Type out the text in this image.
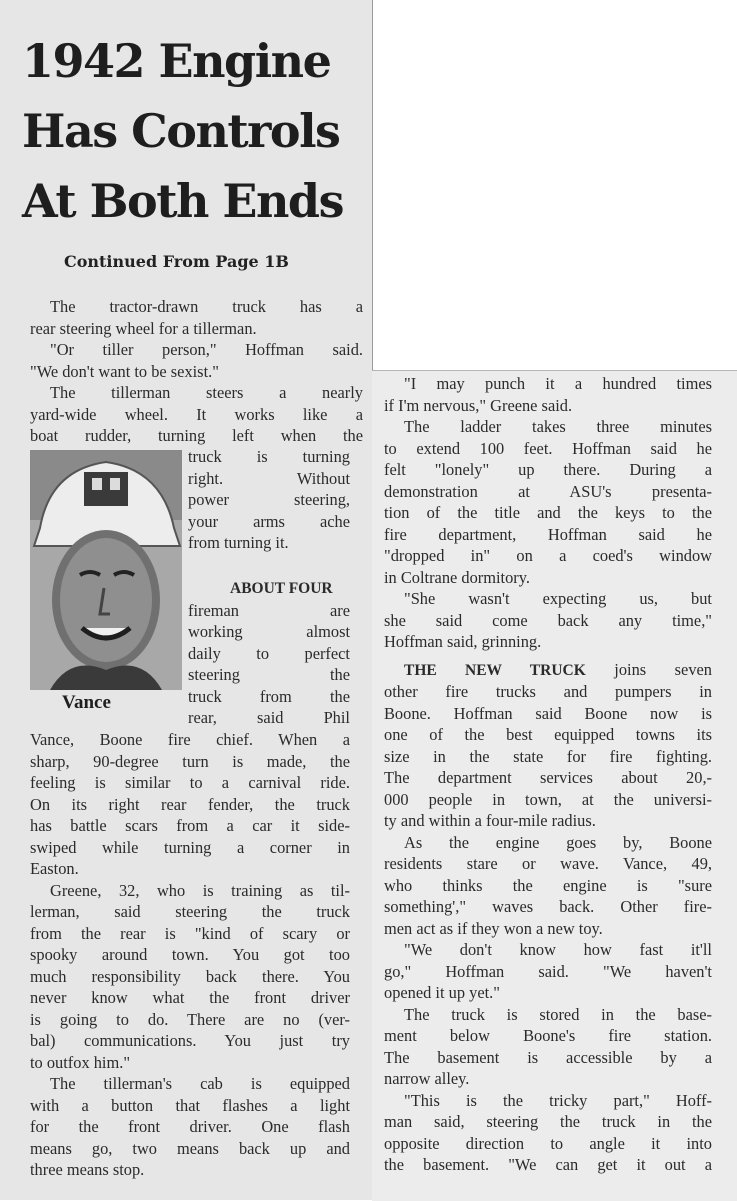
1942 Engine
Has Controls
At Both Ends
Continued From Page 1B
The tractor-drawn truck has a
rear steering wheel for a tillerman.
"Or tiller person," Hoffman said.
"We don't want to be sexist."
The tillerman steers a nearly
yard-wide wheel. It works like a
boat rudder, turning left when the
Vance
truck is turning
right. Without
power steering,
your arms ache
from turning it.
ABOUT FOUR
fireman are
working almost
daily to perfect
steering the
truck from the
rear, said Phil
Vance, Boone fire chief. When a
sharp, 90-degree turn is made, the
feeling is similar to a carnival ride.
On its right rear fender, the truck
has battle scars from a car it side-
swiped while turning a corner in
Easton.
Greene, 32, who is training as til-
lerman, said steering the truck
from the rear is "kind of scary or
spooky around town. You got too
much responsibility back there. You
never know what the front driver
is going to do. There are no (ver-
bal) communications. You just try
to outfox him."
The tillerman's cab is equipped
with a button that flashes a light
for the front driver. One flash
means go, two means back up and
three means stop.
"I may punch it a hundred times
if I'm nervous," Greene said.
The ladder takes three minutes
to extend 100 feet. Hoffman said he
felt "lonely" up there. During a
demonstration at ASU's presenta-
tion of the title and the keys to the
fire department, Hoffman said he
"dropped in" on a coed's window
in Coltrane dormitory.
"She wasn't expecting us, but
she said come back any time,"
Hoffman said, grinning.
THE NEW TRUCK joins seven
other fire trucks and pumpers in
Boone. Hoffman said Boone now is
one of the best equipped towns its
size in the state for fire fighting.
The department services about 20,-
000 people in town, at the universi-
ty and within a four-mile radius.
As the engine goes by, Boone
residents stare or wave. Vance, 49,
who thinks the engine is "sure
something'," waves back. Other fire-
men act as if they won a new toy.
"We don't know how fast it'll
go," Hoffman said. "We haven't
opened it up yet."
The truck is stored in the base-
ment below Boone's fire station.
The basement is accessible by a
narrow alley.
"This is the tricky part," Hoff-
man said, steering the truck in the
opposite direction to angle it into
the basement. "We can get it out a
